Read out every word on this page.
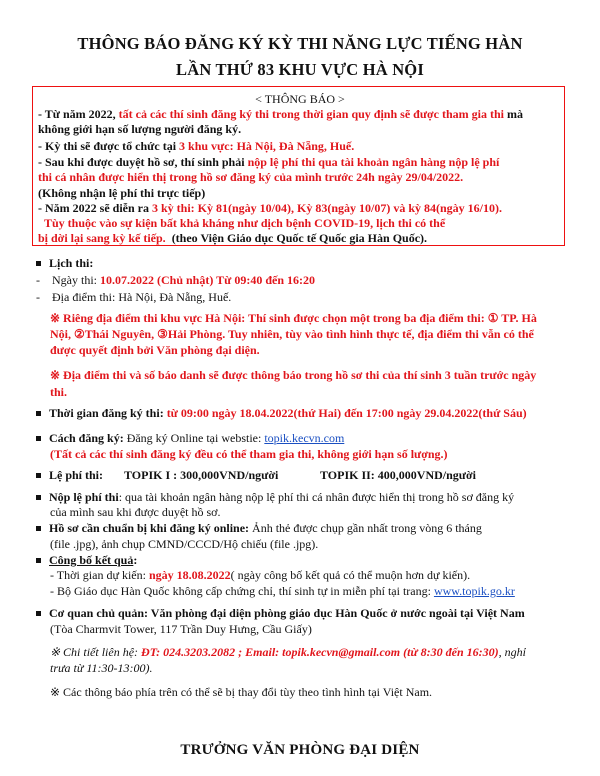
THÔNG BÁO ĐĂNG KÝ KỲ THI NĂNG LỰC TIẾNG HÀN
LẦN THỨ 83 KHU VỰC HÀ NỘI
< THÔNG BÁO >
- Từ năm 2022, tất cả các thí sinh đăng ký thi trong thời gian quy định sẽ được tham gia thi mà
không giới hạn số lượng người đăng ký.
- Kỳ thi sẽ được tổ chức tại 3 khu vực: Hà Nội, Đà Nẵng, Huế.
- Sau khi được duyệt hồ sơ, thí sinh phải nộp lệ phí thi qua tài khoản ngân hàng nộp lệ phí
thi cá nhân được hiển thị trong hồ sơ đăng ký của mình trước 24h ngày 29/04/2022.
(Không nhận lệ phí thi trực tiếp)
- Năm 2022 sẽ diễn ra 3 kỳ thi: Kỳ 81(ngày 10/04), Kỳ 83(ngày 10/07) và kỳ 84(ngày 16/10).
Tùy thuộc vào sự kiện bất khả kháng như dịch bệnh COVID-19, lịch thi có thể
bị dời lại sang kỳ kế tiếp. (theo Viện Giáo dục Quốc tế Quốc gia Hàn Quốc).
Lịch thi:
-    Ngày thi: 10.07.2022 (Chủ nhật) Từ 09:40 đến 16:20
-    Địa điểm thi: Hà Nội, Đà Nẵng, Huế.
※ Riêng địa điểm thi khu vực Hà Nội: Thí sinh được chọn một trong ba địa điểm thi: ① TP. Hà
Nội, ②Thái Nguyên, ③Hải Phòng. Tuy nhiên, tùy vào tình hình thực tế, địa điểm thi vẫn có thể
được quyết định bởi Văn phòng đại diện.
※ Địa điểm thi và số báo danh sẽ được thông báo trong hồ sơ thi của thí sinh 3 tuần trước ngày
thi.
Thời gian đăng ký thi: từ 09:00 ngày 18.04.2022(thứ Hai) đến 17:00 ngày 29.04.2022(thứ Sáu)
Cách đăng ký: Đăng ký Online tại webstie: topik.kecvn.com
(Tất cả các thí sinh đăng ký đều có thể tham gia thi, không giới hạn số lượng.)
Lệ phí thi:       TOPIK I : 300,000VND/người	TOPIK II: 400,000VND/người
Nộp lệ phí thi: qua tài khoản ngân hàng nộp lệ phí thi cá nhân được hiển thị trong hồ sơ đăng ký
của mình sau khi được duyệt hồ sơ.
Hồ sơ cần chuẩn bị khi đăng ký online: Ảnh thẻ được chụp gần nhất trong vòng 6 tháng
(file .jpg), ảnh chụp CMND/CCCD/Hộ chiếu (file .jpg).
Công bố kết quả:
- Thời gian dự kiến: ngày 18.08.2022( ngày công bố kết quả có thể muộn hơn dự kiến).
- Bộ Giáo dục Hàn Quốc không cấp chứng chỉ, thí sinh tự in miễn phí tại trang: www.topik.go.kr
Cơ quan chủ quản: Văn phòng đại diện phòng giáo dục Hàn Quốc ở nước ngoài tại Việt Nam
(Tòa Charmvit Tower, 117 Trần Duy Hưng, Cầu Giấy)
※ Chi tiết liên hệ: ĐT: 024.3203.2082 ; Email: topik.kecvn@gmail.com (từ 8:30 đến 16:30), nghỉ
trưa từ 11:30-13:00).
※ Các thông báo phía trên có thể sẽ bị thay đổi tùy theo tình hình tại Việt Nam.
TRƯỞNG VĂN PHÒNG ĐẠI DIỆN
